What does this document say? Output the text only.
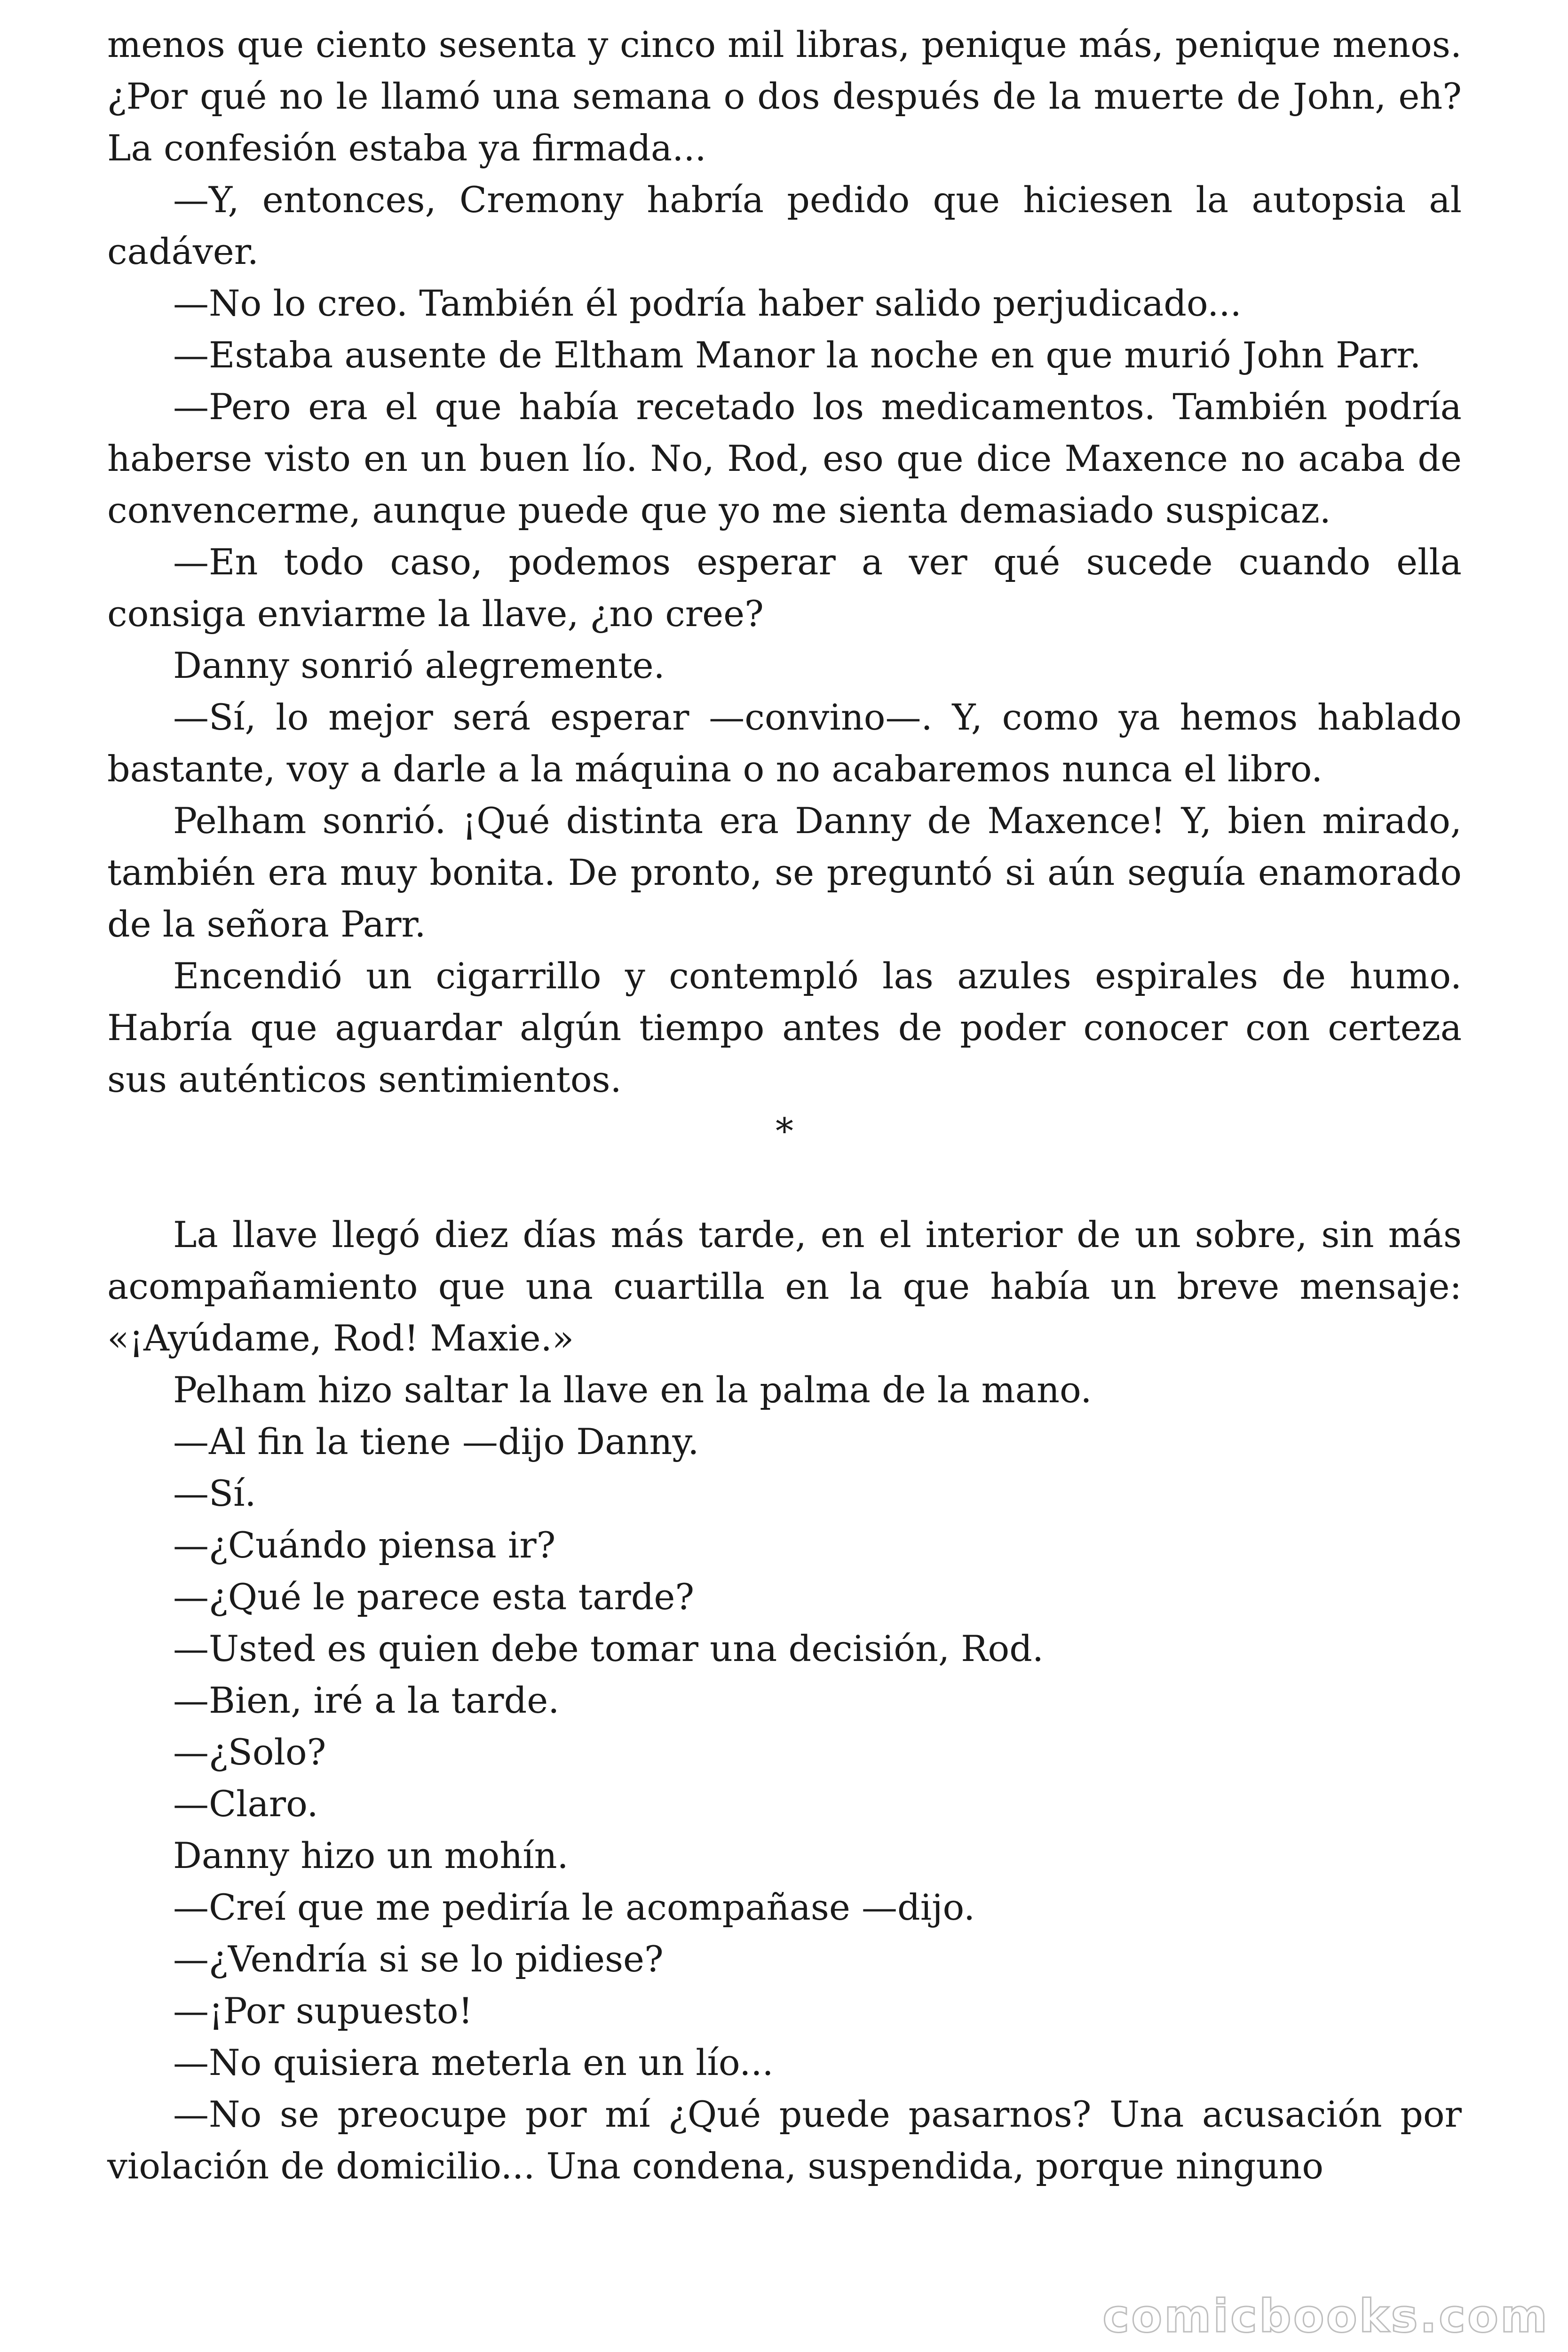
menos que ciento sesenta y cinco mil libras, penique más, penique menos. ¿Por qué no le llamó una semana o dos después de la muerte de John, eh? La confesión estaba ya firmada...

—Y, entonces, Cremony habría pedido que hiciesen la autopsia al cadáver.

—No lo creo. También él podría haber salido perjudicado...

—Estaba ausente de Eltham Manor la noche en que murió John Parr.

—Pero era el que había recetado los medicamentos. También podría haberse visto en un buen lío. No, Rod, eso que dice Maxence no acaba de convencerme, aunque puede que yo me sienta demasiado suspicaz.

—En todo caso, podemos esperar a ver qué sucede cuando ella consiga enviarme la llave, ¿no cree?

Danny sonrió alegremente.

—Sí, lo mejor será esperar —convino—. Y, como ya hemos hablado bastante, voy a darle a la máquina o no acabaremos nunca el libro.

Pelham sonrió. ¡Qué distinta era Danny de Maxence! Y, bien mirado, también era muy bonita. De pronto, se preguntó si aún seguía enamorado de la señora Parr.

Encendió un cigarrillo y contempló las azules espirales de humo. Habría que aguardar algún tiempo antes de poder conocer con certeza sus auténticos sentimientos.

*

La llave llegó diez días más tarde, en el interior de un sobre, sin más acompañamiento que una cuartilla en la que había un breve mensaje: «¡Ayúdame, Rod! Maxie.»

Pelham hizo saltar la llave en la palma de la mano.

—Al fin la tiene —dijo Danny.

—Sí.

—¿Cuándo piensa ir?

—¿Qué le parece esta tarde?

—Usted es quien debe tomar una decisión, Rod.

—Bien, iré a la tarde.

—¿Solo?

—Claro.

Danny hizo un mohín.

—Creí que me pediría le acompañase —dijo.

—¿Vendría si se lo pidiese?

—¡Por supuesto!

—No quisiera meterla en un lío...

—No se preocupe por mí ¿Qué puede pasarnos? Una acusación por violación de domicilio... Una condena, suspendida, porque ninguno

comicbooks.com
